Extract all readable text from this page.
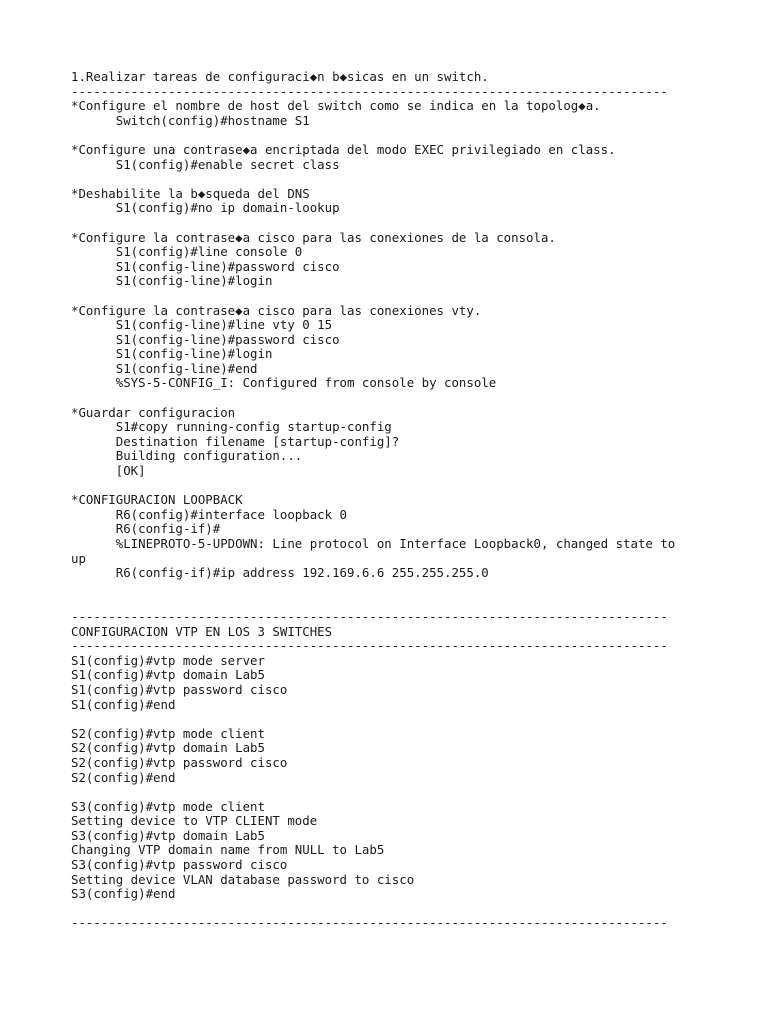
1.Realizar tareas de configuraci◆n b◆sicas en un switch.
--------------------------------------------------------------------------------
*Configure el nombre de host del switch como se indica en la topolog◆a.
Switch(config)#hostname S1
*Configure una contrase◆a encriptada del modo EXEC privilegiado en class.
S1(config)#enable secret class
*Deshabilite la b◆squeda del DNS
S1(config)#no ip domain-lookup
*Configure la contrase◆a cisco para las conexiones de la consola.
S1(config)#line console 0
S1(config-line)#password cisco
S1(config-line)#login
*Configure la contrase◆a cisco para las conexiones vty.
S1(config-line)#line vty 0 15
S1(config-line)#password cisco
S1(config-line)#login
S1(config-line)#end
%SYS-5-CONFIG_I: Configured from console by console
*Guardar configuracion
S1#copy running-config startup-config
Destination filename [startup-config]?
Building configuration...
[OK]
*CONFIGURACION LOOPBACK
R6(config)#interface loopback 0
R6(config-if)#
%LINEPROTO-5-UPDOWN: Line protocol on Interface Loopback0, changed state to
up
R6(config-if)#ip address 192.169.6.6 255.255.255.0
--------------------------------------------------------------------------------
CONFIGURACION VTP EN LOS 3 SWITCHES
--------------------------------------------------------------------------------
S1(config)#vtp mode server
S1(config)#vtp domain Lab5
S1(config)#vtp password cisco
S1(config)#end
S2(config)#vtp mode client
S2(config)#vtp domain Lab5
S2(config)#vtp password cisco
S2(config)#end
S3(config)#vtp mode client
Setting device to VTP CLIENT mode
S3(config)#vtp domain Lab5
Changing VTP domain name from NULL to Lab5
S3(config)#vtp password cisco
Setting device VLAN database password to cisco
S3(config)#end
--------------------------------------------------------------------------------
